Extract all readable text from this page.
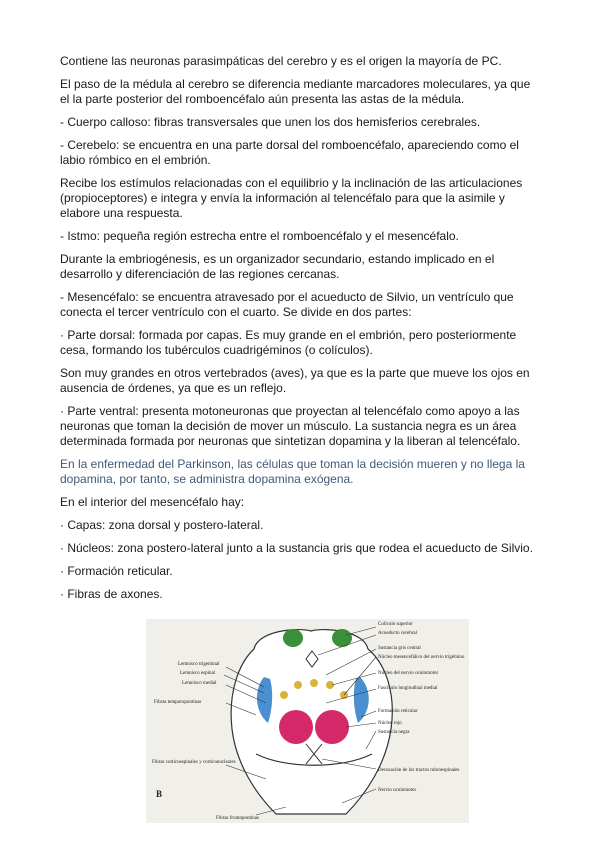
Contiene las neuronas parasimpáticas del cerebro y es el origen la mayoría de PC.

El paso de la médula al cerebro se diferencia mediante marcadores moleculares, ya que el la parte posterior del romboencéfalo aún presenta las astas de la médula.

- Cuerpo calloso: fibras transversales que unen los dos hemisferios cerebrales.

- Cerebelo: se encuentra en una parte dorsal del romboencéfalo, apareciendo como el labio rómbico en el embrión.

Recibe los estímulos relacionadas con el equilibrio y la inclinación de las articulaciones (propioceptores) e integra y envía la información al telencéfalo para que la asimile y elabore una respuesta.

- Istmo: pequeña región estrecha entre el romboencéfalo y el mesencéfalo.

Durante la embriogénesis, es un organizador secundario, estando implicado en el desarrollo y diferenciación de las regiones cercanas.

- Mesencéfalo: se encuentra atravesado por el acueducto de Silvio, un ventrículo que conecta el tercer ventrículo con el cuarto. Se divide en dos partes:

· Parte dorsal: formada por capas. Es muy grande en el embrión, pero posteriormente cesa, formando los tubérculos cuadrigéminos (o colículos).

Son muy grandes en otros vertebrados (aves), ya que es la parte que mueve los ojos en ausencia de órdenes, ya que es un reflejo.

· Parte ventral: presenta motoneuronas que proyectan al telencéfalo como apoyo a las neuronas que toman la decisión de mover un músculo. La sustancia negra es un área determinada formada por neuronas que sintetizan dopamina y la liberan al telencéfalo.

En la enfermedad del Parkinson, las células que toman la decisión mueren y no llega la dopamina, por tanto, se administra dopamina exógena.

En el interior del mesencéfalo hay:

· Capas: zona dorsal y postero-lateral.

· Núcleos: zona postero-lateral junto a la sustancia gris que rodea el acueducto de Silvio.

· Formación reticular.

· Fibras de axones.

Lemnisco trigeminal
Lemnisco espinal
Lemnisco medial
Fibras temporopontinas
Fibras corticoespinales y corticonucleares
B
Colículo superior
Acueducto cerebral
Sustancia gris central
Núcleo mesencefálico del nervio trigémino
Núcleo del nervio oculomotor
Fascículo longitudinal medial
Formación reticular
Núcleo rojo
Sustancia negra
Decusación de los tractos rubroespinales
Nervio oculomotor
Fibras frontopontinas
